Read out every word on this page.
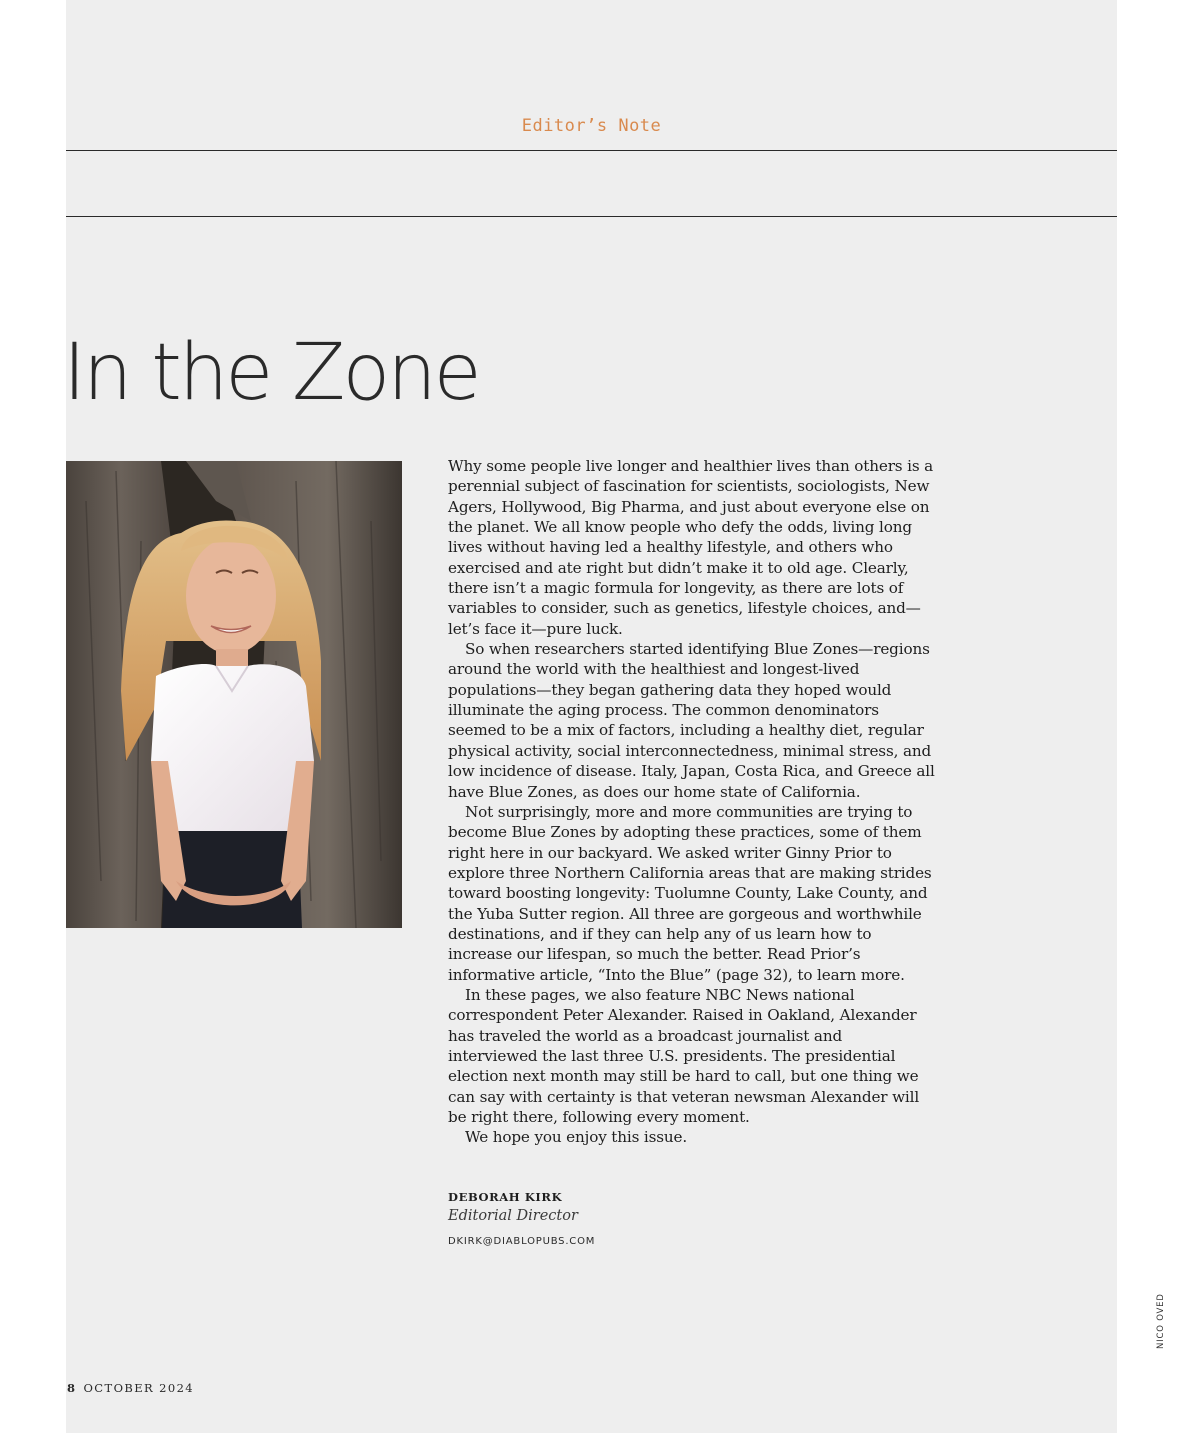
Editor’s Note
In the Zone

Why some people live longer and healthier lives than others is a perennial subject of fascination for scientists, sociologists, New Agers, Hollywood, Big Pharma, and just about everyone else on the planet. We all know people who defy the odds, living long lives without having led a healthy lifestyle, and others who exercised and ate right but didn’t make it to old age. Clearly, there isn’t a magic formula for longevity, as there are lots of variables to consider, such as genetics, lifestyle choices, and—let’s face it—pure luck.

So when researchers started identifying Blue Zones—regions around the world with the healthiest and longest-lived populations—they began gathering data they hoped would illuminate the aging process. The common denominators seemed to be a mix of factors, including a healthy diet, regular physical activity, social interconnectedness, minimal stress, and low incidence of disease. Italy, Japan, Costa Rica, and Greece all have Blue Zones, as does our home state of California.

Not surprisingly, more and more communities are trying to become Blue Zones by adopting these practices, some of them right here in our backyard. We asked writer Ginny Prior to explore three Northern California areas that are making strides toward boosting longevity: Tuolumne County, Lake County, and the Yuba Sutter region. All three are gorgeous and worthwhile destinations, and if they can help any of us learn how to increase our lifespan, so much the better. Read Prior’s informative article, “Into the Blue” (page 32), to learn more.

In these pages, we also feature NBC News national correspondent Peter Alexander. Raised in Oakland, Alexander has traveled the world as a broadcast journalist and interviewed the last three U.S. presidents. The presidential election next month may still be hard to call, but one thing we can say with certainty is that veteran newsman Alexander will be right there, following every moment.

We hope you enjoy this issue.

DEBORAH KIRK
Editorial Director
DKIRK@DIABLOPUBS.COM
8 OCTOBER 2024
NICO OVED
